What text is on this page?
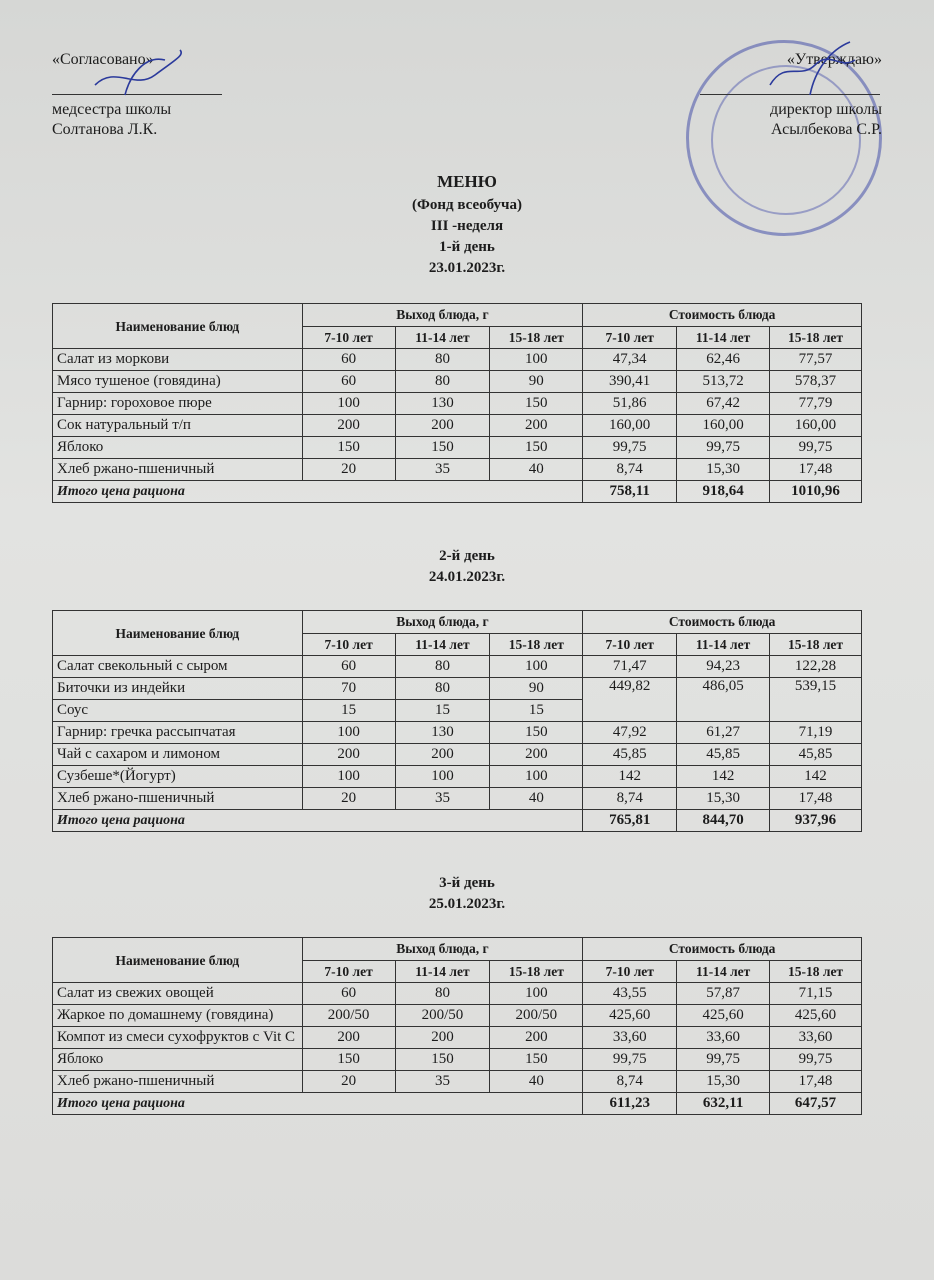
«Согласовано»
медсестра школы
Солтанова Л.К.
«Утверждаю»
директор школы
Асылбекова С.Р.
МЕНЮ
(Фонд всеобуча)
III -неделя
1-й день
23.01.2023г.
Наименование блюд	Выход блюда, г			Стоимость блюда		
	7-10 лет	11-14 лет	15-18 лет	7-10 лет	11-14 лет	15-18 лет
Салат из моркови	60	80	100	47,34	62,46	77,57
Мясо тушеное (говядина)	60	80	90	390,41	513,72	578,37
Гарнир: гороховое пюре	100	130	150	51,86	67,42	77,79
Сок натуральный т/п	200	200	200	160,00	160,00	160,00
Яблоко	150	150	150	99,75	99,75	99,75
Хлеб ржано-пшеничный	20	35	40	8,74	15,30	17,48
Итого цена рациона				758,11	918,64	1010,96
2-й день
24.01.2023г.
Наименование блюд	Выход блюда, г			Стоимость блюда		
	7-10 лет	11-14 лет	15-18 лет	7-10 лет	11-14 лет	15-18 лет
Салат свекольный с сыром	60	80	100	71,47	94,23	122,28
Биточки из индейки	70	80	90	449,82	486,05	539,15
Соус	15	15	15			
Гарнир: гречка рассыпчатая	100	130	150	47,92	61,27	71,19
Чай с сахаром и лимоном	200	200	200	45,85	45,85	45,85
Сузбеше*(Йогурт)	100	100	100	142	142	142
Хлеб ржано-пшеничный	20	35	40	8,74	15,30	17,48
Итого цена рациона				765,81	844,70	937,96
3-й день
25.01.2023г.
Наименование блюд	Выход блюда, г			Стоимость блюда		
	7-10 лет	11-14 лет	15-18 лет	7-10 лет	11-14 лет	15-18 лет
Салат из свежих овощей	60	80	100	43,55	57,87	71,15
Жаркое по домашнему (говядина)	200/50	200/50	200/50	425,60	425,60	425,60
Компот из смеси сухофруктов с Vit C	200	200	200	33,60	33,60	33,60
Яблоко	150	150	150	99,75	99,75	99,75
Хлеб ржано-пшеничный	20	35	40	8,74	15,30	17,48
Итого цена рациона				611,23	632,11	647,57
